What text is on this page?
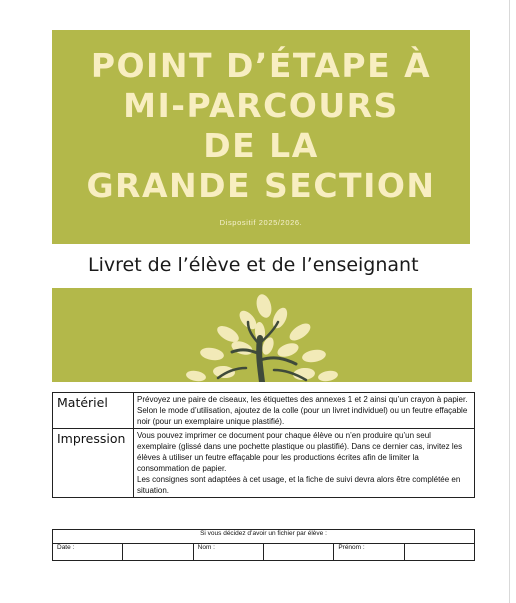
POINT D’ÉTAPE À
MI-PARCOURS
DE LA
GRANDE SECTION

Dispositif 2025/2026.

Livret de l’élève et de l’enseignant

Matériel	Prévoyez une paire de ciseaux, les étiquettes des annexes 1 et 2 ainsi qu’un crayon à papier. Selon le mode d’utilisation, ajoutez de la colle (pour un livret individuel) ou un feutre effaçable noir (pour un exemplaire unique plastifié).

Impression	Vous pouvez imprimer ce document pour chaque élève ou n’en produire qu’un seul exemplaire (glissé dans une pochette plastique ou plastifié). Dans ce dernier cas, invitez les élèves à utiliser un feutre effaçable pour les productions écrites afin de limiter la consommation de papier.

Les consignes sont adaptées à cet usage, et la fiche de suivi devra alors être complétée en situation.

Si vous décidez d’avoir un fichier par élève :
Date :		Nom :		Prénom :	
